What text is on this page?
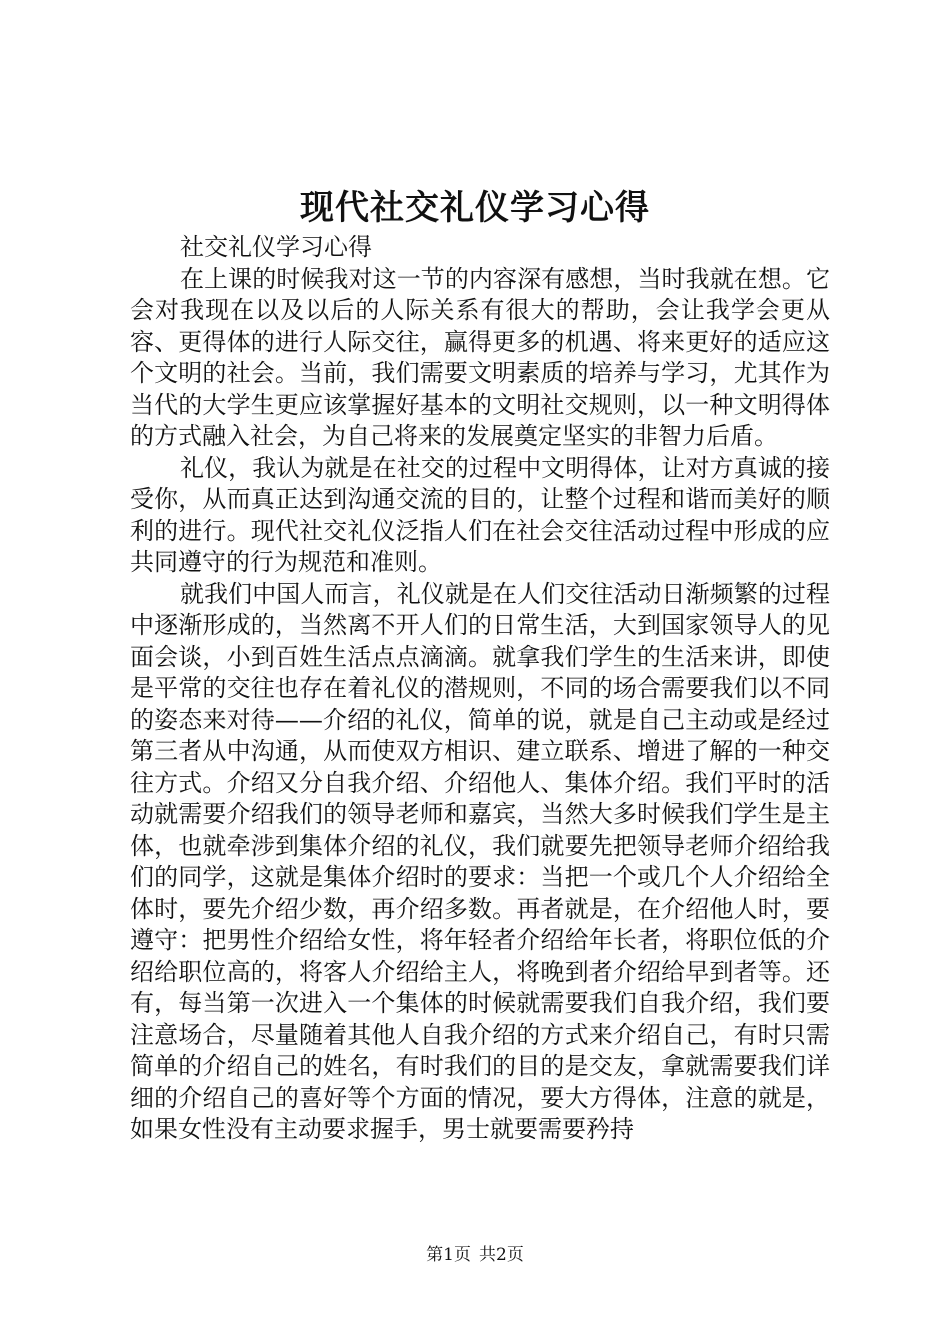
现代社交礼仪学习心得

社交礼仪学习心得

在上课的时候我对这一节的内容深有感想，当时我就在想。它会对我现在以及以后的人际关系有很大的帮助，会让我学会更从容、更得体的进行人际交往，赢得更多的机遇、将来更好的适应这个文明的社会。当前，我们需要文明素质的培养与学习，尤其作为当代的大学生更应该掌握好基本的文明社交规则，以一种文明得体的方式融入社会，为自己将来的发展奠定坚实的非智力后盾。

礼仪，我认为就是在社交的过程中文明得体，让对方真诚的接受你，从而真正达到沟通交流的目的，让整个过程和谐而美好的顺利的进行。现代社交礼仪泛指人们在社会交往活动过程中形成的应共同遵守的行为规范和准则。

就我们中国人而言，礼仪就是在人们交往活动日渐频繁的过程中逐渐形成的，当然离不开人们的日常生活，大到国家领导人的见面会谈，小到百姓生活点点滴滴。就拿我们学生的生活来讲，即使是平常的交往也存在着礼仪的潜规则，不同的场合需要我们以不同的姿态来对待——介绍的礼仪，简单的说，就是自己主动或是经过第三者从中沟通，从而使双方相识、建立联系、增进了解的一种交往方式。介绍又分自我介绍、介绍他人、集体介绍。我们平时的活动就需要介绍我们的领导老师和嘉宾，当然大多时候我们学生是主体，也就牵涉到集体介绍的礼仪，我们就要先把领导老师介绍给我们的同学，这就是集体介绍时的要求：当把一个或几个人介绍给全体时，要先介绍少数，再介绍多数。再者就是，在介绍他人时，要遵守：把男性介绍给女性，将年轻者介绍给年长者，将职位低的介绍给职位高的，将客人介绍给主人，将晚到者介绍给早到者等。还有，每当第一次进入一个集体的时候就需要我们自我介绍，我们要注意场合，尽量随着其他人自我介绍的方式来介绍自己，有时只需简单的介绍自己的姓名，有时我们的目的是交友，拿就需要我们详细的介绍自己的喜好等个方面的情况，要大方得体，注意的就是，如果女性没有主动要求握手，男士就要需要矜持

第1页 共2页
